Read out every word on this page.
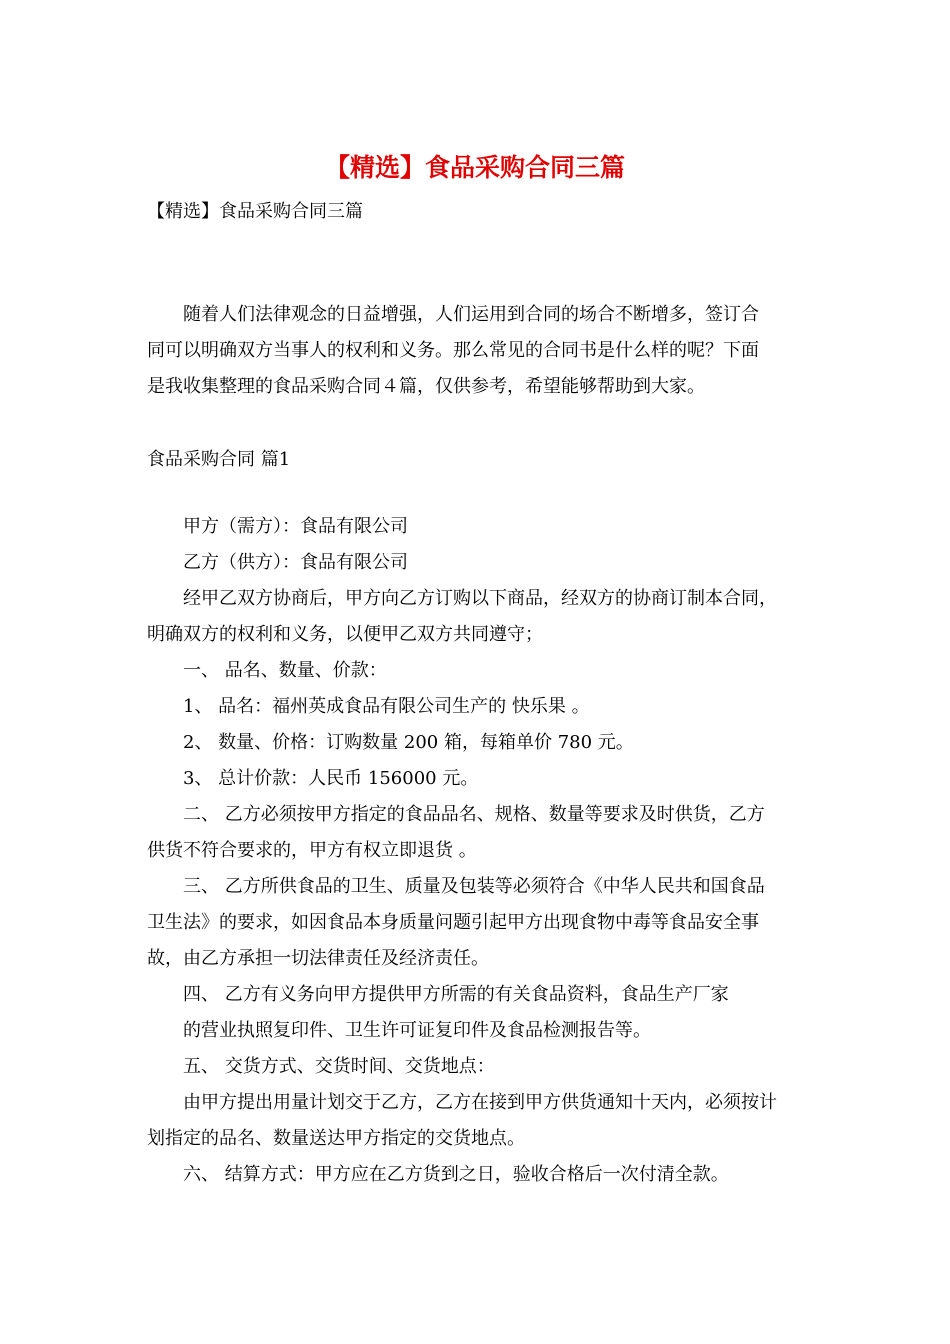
【精选】食品采购合同三篇
【精选】食品采购合同三篇
　　随着人们法律观念的日益增强，人们运用到合同的场合不断增多，签订合
同可以明确双方当事人的权利和义务。那么常见的合同书是什么样的呢？下面
是我收集整理的食品采购合同４篇，仅供参考，希望能够帮助到大家。
食品采购合同 篇1
　　甲方（需方）：食品有限公司
　　乙方（供方）：食品有限公司
　　经甲乙双方协商后，甲方向乙方订购以下商品，经双方的协商订制本合同，
明确双方的权利和义务，以便甲乙双方共同遵守；
　　一、 品名、数量、价款：
　　1、 品名：福州英成食品有限公司生产的 快乐果 。
　　2、 数量、价格：订购数量 200 箱，每箱单价 780 元。
　　3、 总计价款：人民币 156000 元。
　　二、 乙方必须按甲方指定的食品品名、规格、数量等要求及时供货，乙方
供货不符合要求的，甲方有权立即退货 。
　　三、 乙方所供食品的卫生、质量及包装等必须符合《中华人民共和国食品
卫生法》的要求，如因食品本身质量问题引起甲方出现食物中毒等食品安全事
故，由乙方承担一切法律责任及经济责任。
　　四、 乙方有义务向甲方提供甲方所需的有关食品资料，食品生产厂家
　　的营业执照复印件、卫生许可证复印件及食品检测报告等。
　　五、 交货方式、交货时间、交货地点：
　　由甲方提出用量计划交于乙方，乙方在接到甲方供货通知十天内，必须按计
划指定的品名、数量送达甲方指定的交货地点。
　　六、 结算方式：甲方应在乙方货到之日，验收合格后一次付清全款。
